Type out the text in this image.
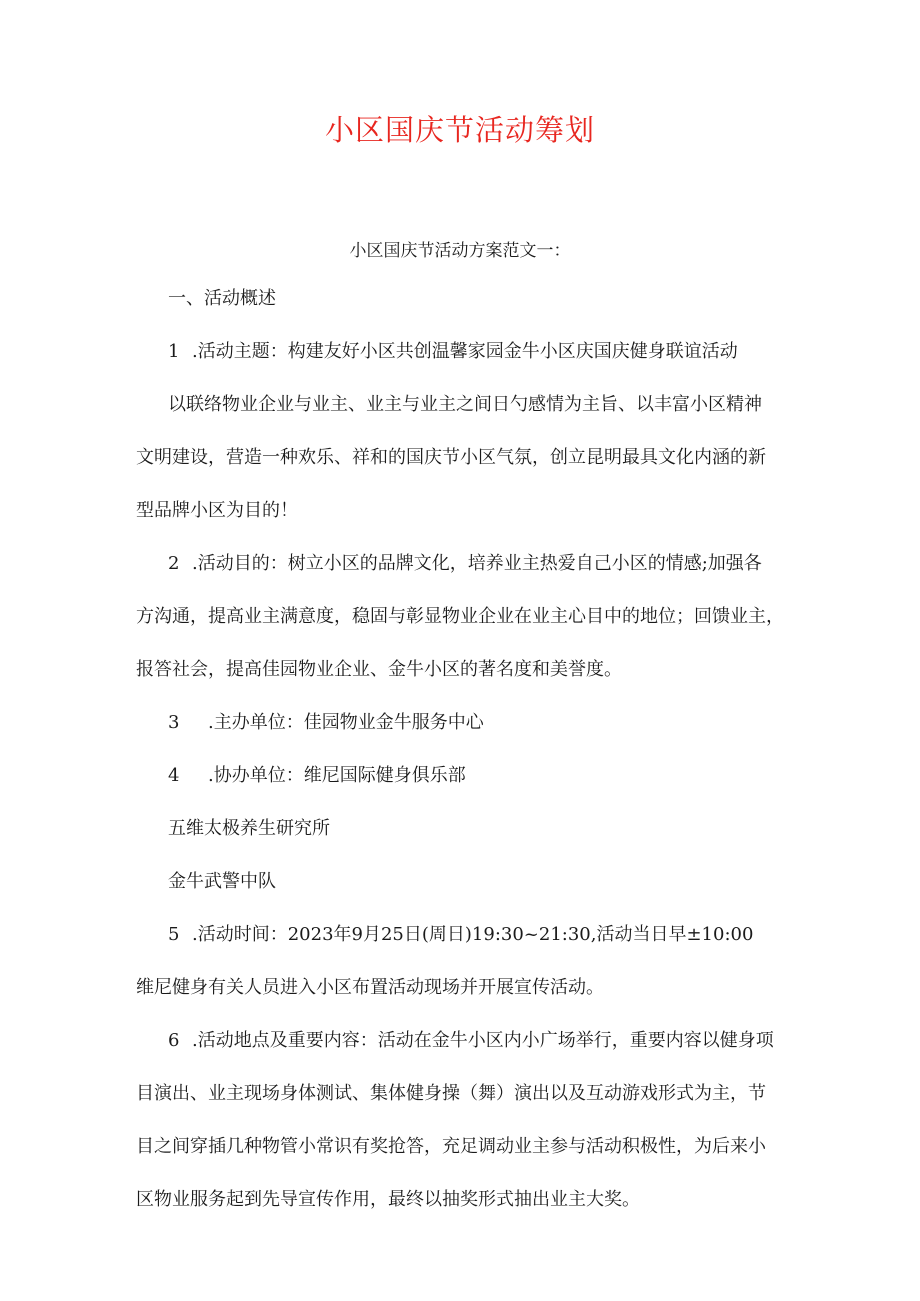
小区国庆节活动筹划

小区国庆节活动方案范文一：

一、活动概述

1 .活动主题：构建友好小区共创温馨家园金牛小区庆国庆健身联谊活动

以联络物业企业与业主、业主与业主之间日勺感情为主旨、以丰富小区精神

文明建设，营造一种欢乐、祥和的国庆节小区气氛，创立昆明最具文化内涵的新

型品牌小区为目的！

2 .活动目的：树立小区的品牌文化，培养业主热爱自己小区的情感;加强各

方沟通，提高业主满意度，稳固与彰显物业企业在业主心目中的地位；回馈业主，

报答社会，提高佳园物业企业、金牛小区的著名度和美誉度。

3 .主办单位：佳园物业金牛服务中心

4 .协办单位：维尼国际健身俱乐部

五维太极养生研究所

金牛武警中队

5 .活动时间：2023年9月25日(周日)19:30~21:30,活动当日早±10:00

维尼健身有关人员进入小区布置活动现场并开展宣传活动。

6 .活动地点及重要内容：活动在金牛小区内小广场举行，重要内容以健身项

目演出、业主现场身体测试、集体健身操（舞）演出以及互动游戏形式为主，节

目之间穿插几种物管小常识有奖抢答，充足调动业主参与活动积极性，为后来小

区物业服务起到先导宣传作用，最终以抽奖形式抽出业主大奖。
